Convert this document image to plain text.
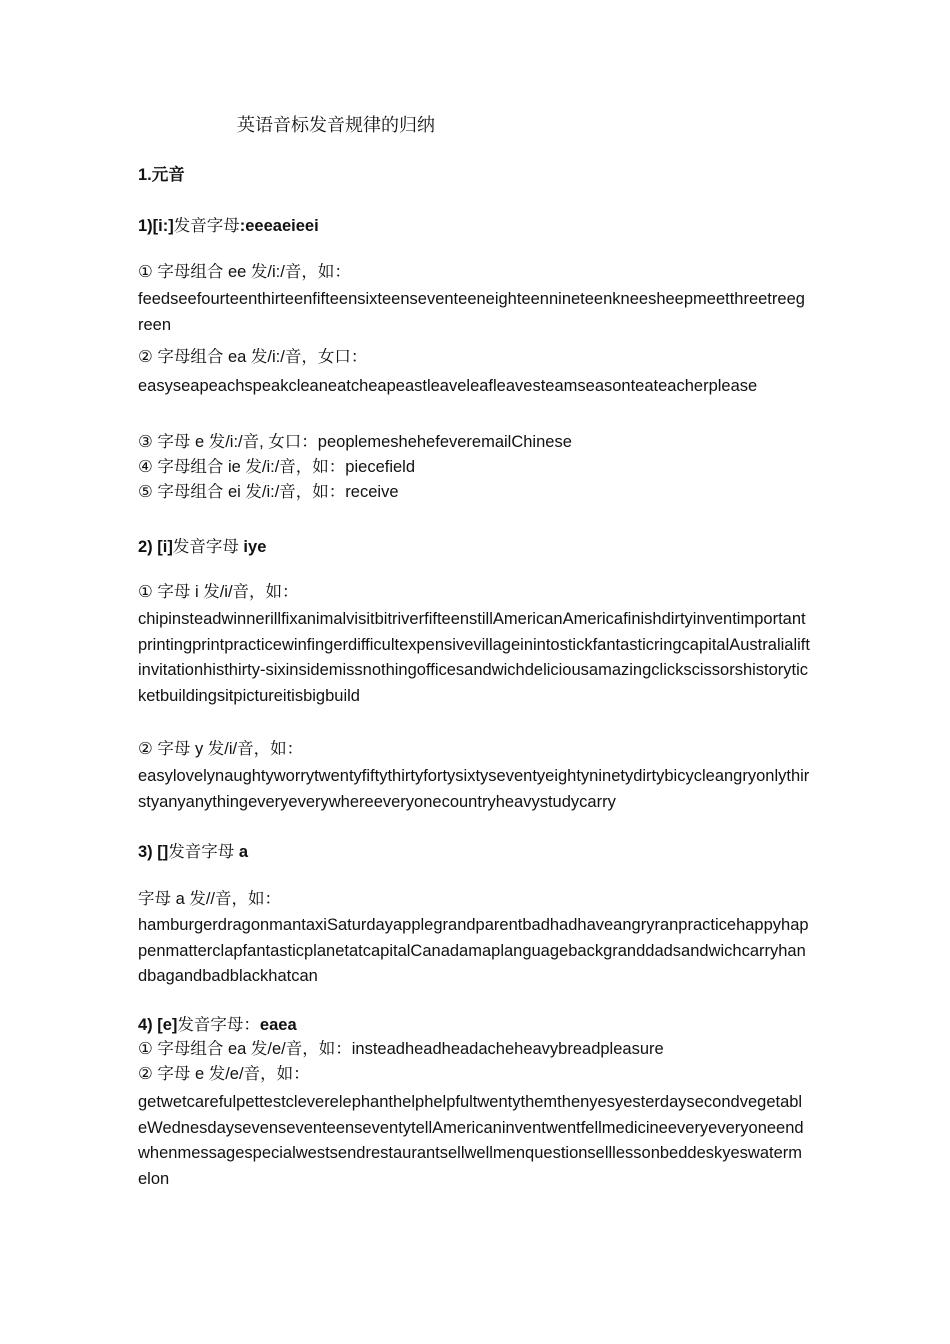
英语音标发音规律的归纳
1.元音
1)[i:]发音字母:eeeaeieei
① 字母组合 ee 发/i:/音，如：
feedseefourteenthirteenfifteensixteenseventeeneighteennineteenkneesheepmeetthreetreegreen
② 字母组合 ea 发/i:/音，女口：
easyseapeachspeakcleaneatcheapeastleaveleafleavesteamseasonteateacherplease
③ 字母 e 发/i:/音, 女口：peoplemeshehefeveremailChinese
④ 字母组合 ie 发/i:/音，如：piecefield
⑤ 字母组合 ei 发/i:/音，如：receive
2) [i]发音字母 iye
① 字母 i 发/i/音，如：
chipinsteadwinnerillfixanimalvisitbitriverfifteenstillAmericanAmericafinishdirtyinventimportantprintingprintpracticewinfingerdifficultexpensivevillageinintostickfantasticringcapitalAustralialiftinvitationhisthirty-sixinsidemissnothingofficesandwichdeliciousamazingclickscissorshistoryticketbuildingsitpictureitisbigbuild
② 字母 y 发/i/音，如：
easylovelynaughtyworrytwentyfiftythirtyfortysixtyseventyeightyninetydirtybicycleangryonlythirstyanyanythingeveryeverywhereeveryonecountryheavystudycarry
3) []发音字母 a
字母 a 发//音，如：
hamburgerdragonmantaxiSaturdayapplegrandparentbadhadhaveangryranpracticehappyhappenmatterclapfantasticplanetatcapitalCanadamaplanguagebackgranddadsandwichcarryhandbagandbadblackhatcan
4) [e]发音字母：eaea
① 字母组合 ea 发/e/音，如：insteadheadheadacheheavybreadpleasure
② 字母 e 发/e/音，如：
getwetcarefulpettestcleverelephanthelphelpfultwentythemthenyesyesterdaysecondvegetableWednesdaysevenseventeenseventytellAmericaninventwentfellmedicineeveryeveryoneendwhenmessagespecialwestsendrestaurantsellwellmenquestionselllessonbeddeskyeswatermelon
